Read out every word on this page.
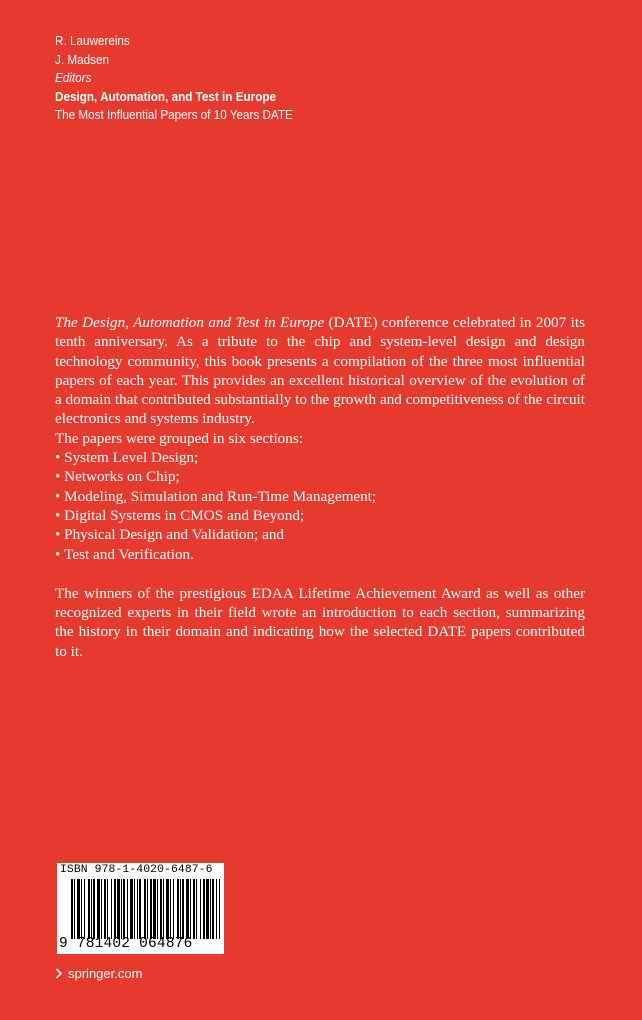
R. Lauwereins
J. Madsen
Editors
Design, Automation, and Test in Europe
The Most Influential Papers of 10 Years DATE

The Design, Automation and Test in Europe (DATE) conference celebrated in 2007 its tenth anniversary. As a tribute to the chip and system-level design and design technology community, this book presents a compilation of the three most influential papers of each year. This provides an excellent historical overview of the evolution of a domain that contributed substantially to the growth and competitiveness of the circuit electronics and systems industry.

The papers were grouped in six sections:

• System Level Design;
• Networks on Chip;
• Modeling, Simulation and Run-Time Management;
• Digital Systems in CMOS and Beyond;
• Physical Design and Validation; and
• Test and Verification.

The winners of the prestigious EDAA Lifetime Achievement Award as well as other recognized experts in their field wrote an introduction to each section, summarizing the history in their domain and indicating how the selected DATE papers contributed to it.

ISBN 978-1-4020-6487-6
9 781402 064876
springer.com
